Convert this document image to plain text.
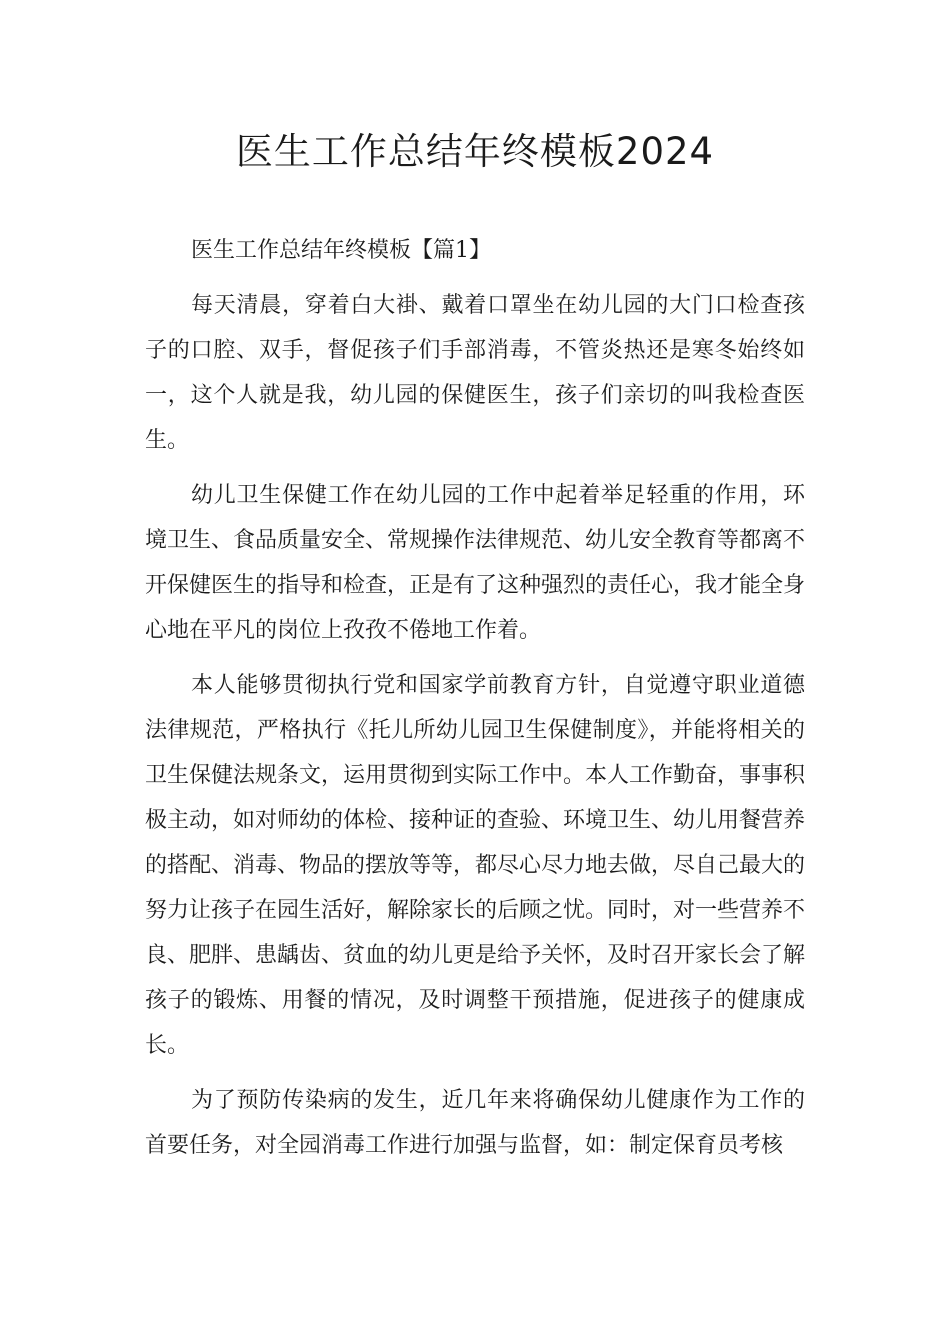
医生工作总结年终模板2024

医生工作总结年终模板【篇1】

每天清晨，穿着白大褂、戴着口罩坐在幼儿园的大门口检查孩子的口腔、双手，督促孩子们手部消毒，不管炎热还是寒冬始终如一，这个人就是我，幼儿园的保健医生，孩子们亲切的叫我检查医生。

幼儿卫生保健工作在幼儿园的工作中起着举足轻重的作用，环境卫生、食品质量安全、常规操作法律规范、幼儿安全教育等都离不开保健医生的指导和检查，正是有了这种强烈的责任心，我才能全身心地在平凡的岗位上孜孜不倦地工作着。

本人能够贯彻执行党和国家学前教育方针，自觉遵守职业道德法律规范，严格执行《托儿所幼儿园卫生保健制度》，并能将相关的卫生保健法规条文，运用贯彻到实际工作中。本人工作勤奋，事事积极主动，如对师幼的体检、接种证的查验、环境卫生、幼儿用餐营养的搭配、消毒、物品的摆放等等，都尽心尽力地去做，尽自己最大的努力让孩子在园生活好，解除家长的后顾之忧。同时，对一些营养不良、肥胖、患龋齿、贫血的幼儿更是给予关怀，及时召开家长会了解孩子的锻炼、用餐的情况，及时调整干预措施，促进孩子的健康成长。

为了预防传染病的发生，近几年来将确保幼儿健康作为工作的首要任务，对全园消毒工作进行加强与监督，如：制定保育员考核
